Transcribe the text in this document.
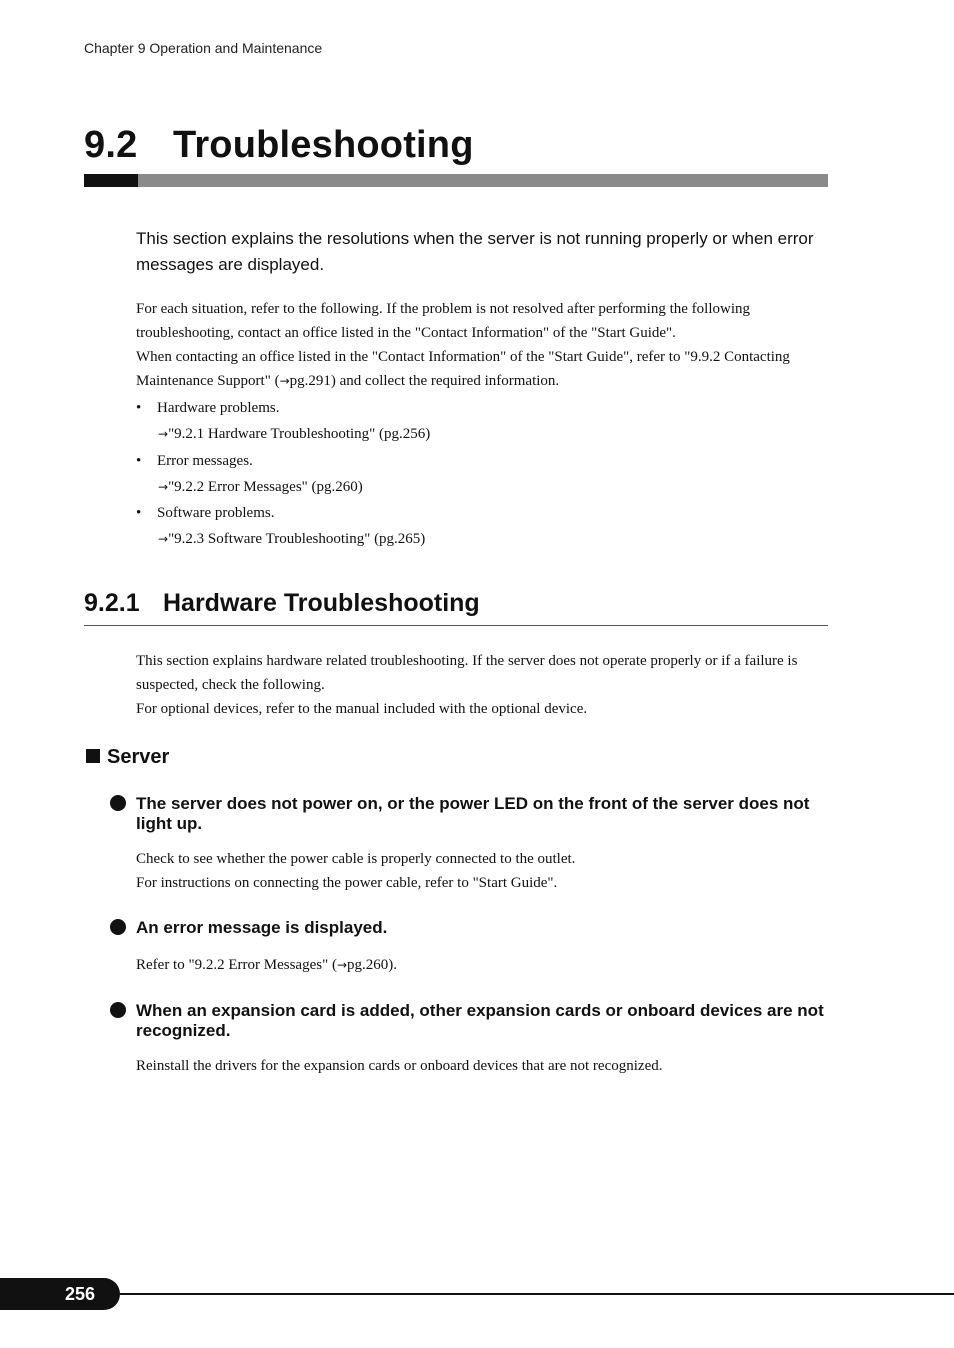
Chapter 9 Operation and Maintenance
9.2 Troubleshooting
This section explains the resolutions when the server is not running properly or when error messages are displayed.

For each situation, refer to the following. If the problem is not resolved after performing the following troubleshooting, contact an office listed in the "Contact Information" of the "Start Guide".

When contacting an office listed in the "Contact Information" of the "Start Guide", refer to "9.9.2 Contacting Maintenance Support" (→pg.291) and collect the required information.

• Hardware problems.
→"9.2.1 Hardware Troubleshooting" (pg.256)
• Error messages.
→"9.2.2 Error Messages" (pg.260)
• Software problems.
→"9.2.3 Software Troubleshooting" (pg.265)
9.2.1 Hardware Troubleshooting

This section explains hardware related troubleshooting. If the server does not operate properly or if a failure is suspected, check the following.

For optional devices, refer to the manual included with the optional device.

Server
The server does not power on, or the power LED on the front of the server does not light up.

Check to see whether the power cable is properly connected to the outlet.

For instructions on connecting the power cable, refer to "Start Guide".

An error message is displayed.

Refer to "9.2.2 Error Messages" (→pg.260).

When an expansion card is added, other expansion cards or onboard devices are not recognized.

Reinstall the drivers for the expansion cards or onboard devices that are not recognized.

256
